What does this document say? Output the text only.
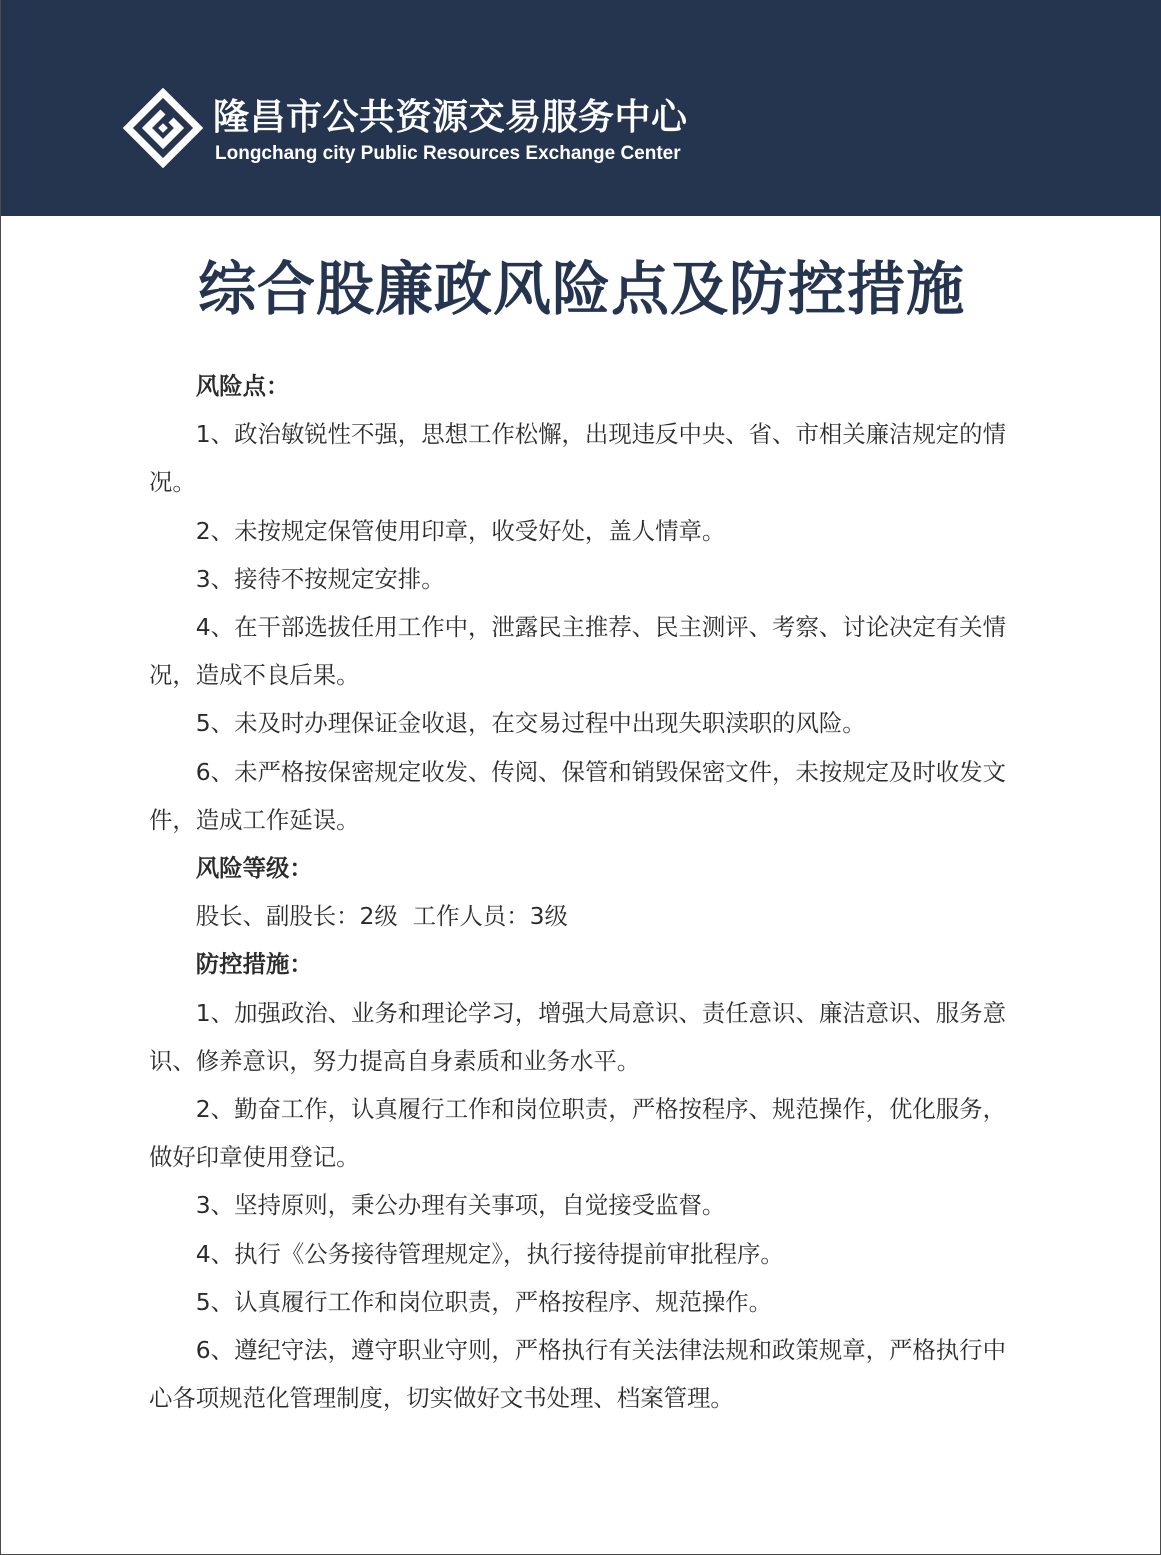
隆昌市公共资源交易服务中心
Longchang city Public Resources Exchange Center
综合股廉政风险点及防控措施

风险点：

1、政治敏锐性不强，思想工作松懈，出现违反中央、省、市相关廉洁规定的情况。

2、未按规定保管使用印章，收受好处，盖人情章。

3、接待不按规定安排。

4、在干部选拔任用工作中，泄露民主推荐、民主测评、考察、讨论决定有关情况，造成不良后果。

5、未及时办理保证金收退，在交易过程中出现失职渎职的风险。

6、未严格按保密规定收发、传阅、保管和销毁保密文件，未按规定及时收发文件，造成工作延误。

风险等级：

股长、副股长：2级  工作人员：3级

防控措施：

1、加强政治、业务和理论学习，增强大局意识、责任意识、廉洁意识、服务意识、修养意识，努力提高自身素质和业务水平。

2、勤奋工作，认真履行工作和岗位职责，严格按程序、规范操作，优化服务，做好印章使用登记。

3、坚持原则，秉公办理有关事项，自觉接受监督。

4、执行《公务接待管理规定》，执行接待提前审批程序。

5、认真履行工作和岗位职责，严格按程序、规范操作。

6、遵纪守法，遵守职业守则，严格执行有关法律法规和政策规章，严格执行中心各项规范化管理制度，切实做好文书处理、档案管理。
